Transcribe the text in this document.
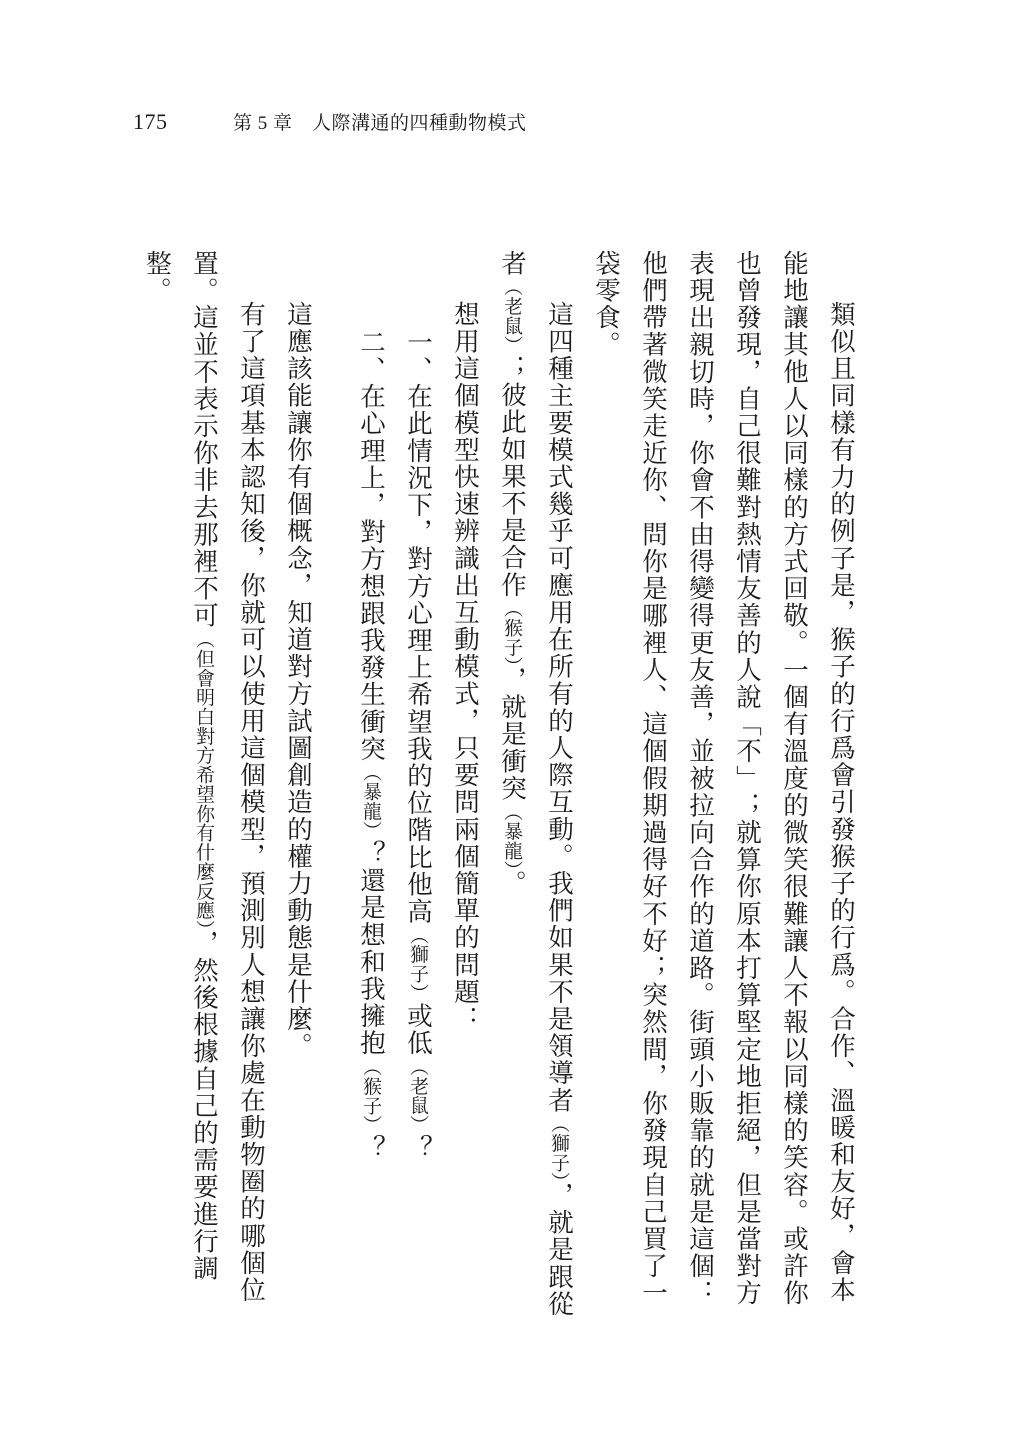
175	第 5 章　人際溝通的四種動物模式

類似且同樣有力的例子是，猴子的行爲會引發猴子的行爲。合作、溫暖和友好，會本能地讓其他人以同樣的方式回敬。一個有溫度的微笑很難讓人不報以同樣的笑容。或許你也曾發現，自己很難對熱情友善的人說「不」；就算你原本打算堅定地拒絕，但是當對方表現出親切時，你會不由得變得更友善，並被拉向合作的道路。街頭小販靠的就是這個：他們帶著微笑走近你、問你是哪裡人、這個假期過得好不好；突然間，你發現自己買了一袋零食。

這四種主要模式幾乎可應用在所有的人際互動。我們如果不是領導者（獅子），就是跟從者（老鼠）；彼此如果不是合作（猴子），就是衝突（暴龍）。

想用這個模型快速辨識出互動模式，只要問兩個簡單的問題：

一、在此情況下，對方心理上希望我的位階比他高（獅子）或低（老鼠）？

二、在心理上，對方想跟我發生衝突（暴龍）？還是想和我擁抱（猴子）？

這應該能讓你有個概念，知道對方試圖創造的權力動態是什麼。

有了這項基本認知後，你就可以使用這個模型，預測別人想讓你處在動物圈的哪個位置。這並不表示你非去那裡不可（但會明白對方希望你有什麼反應），然後根據自己的需要進行調整。
